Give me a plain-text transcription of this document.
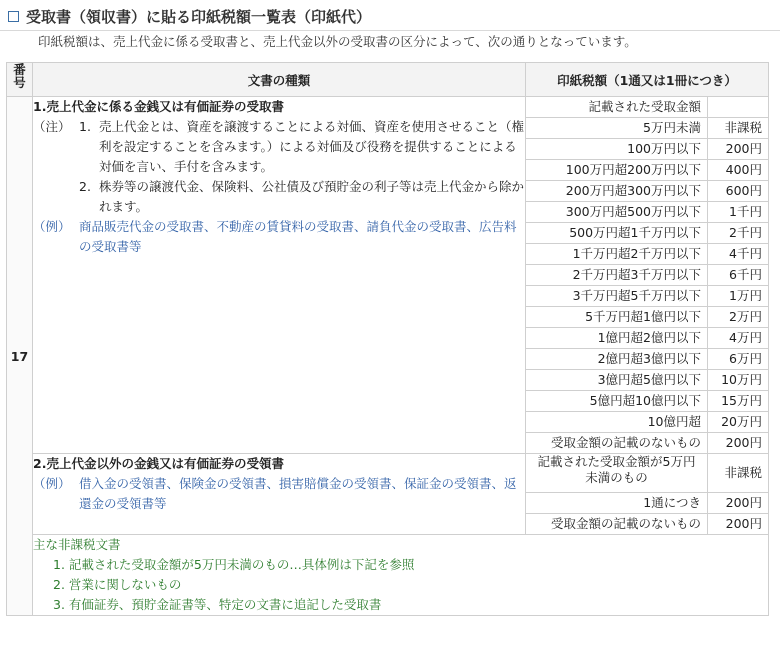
受取書（領収書）に貼る印紙税額一覧表（印紙代）
印紙税額は、売上代金に係る受取書と、売上代金以外の受取書の区分によって、次の通りとなっています。
番
号	文書の種類	印紙税額（1通又は1冊につき）
17	
1.売上代金に係る金銭又は有価証券の受取書
（注） 1. 売上代金とは、資産を譲渡することによる対価、資産を使用させること（権利を設定することを含みます。）による対価及び役務を提供することによる対価を言い、手付を含みます。
2. 株券等の譲渡代金、保険料、公社債及び預貯金の利子等は売上代金から除かれます。
（例） 商品販売代金の受取書、不動産の賃貸料の受取書、請負代金の受取書、広告料の受取書等

記載された受取金額	
5万円未満	非課税
100万円以下	200円
100万円超200万円以下	400円
200万円超300万円以下	600円
300万円超500万円以下	1千円
500万円超1千万円以下	2千円
1千万円超2千万円以下	4千円
2千万円超3千万円以下	6千円
3千万円超5千万円以下	1万円
5千万円超1億円以下	2万円
1億円超2億円以下	4万円
2億円超3億円以下	6万円
3億円超5億円以下	10万円
5億円超10億円以下	15万円
10億円超	20万円
受取金額の記載のないもの	200円

2.売上代金以外の金銭又は有価証券の受領書
（例） 借入金の受領書、保険金の受領書、損害賠償金の受領書、保証金の受領書、返還金の受領書等

記載された受取金額が5万円未満のもの	非課税
1通につき	200円
受取金額の記載のないもの	200円

主な非課税文書
1. 記載された受取金額が5万円未満のもの…具体例は下記を参照
2. 営業に関しないもの
3. 有価証券、預貯金証書等、特定の文書に追記した受取書
